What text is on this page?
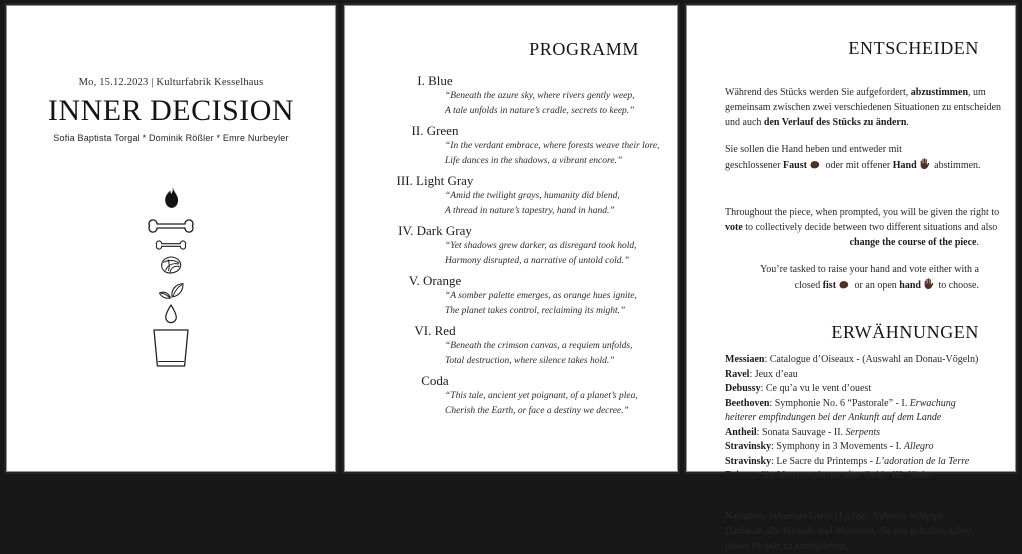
Mo, 15.12.2023 | Kulturfabrik Kesselhaus
INNER DECISION
Sofia Baptista Torgal * Dominik Rößler * Emre Nurbeyler
PROGRAMM
I. Blue
“Beneath the azure sky, where rivers gently weep,
A tale unfolds in nature’s cradle, secrets to keep.”
II. Green
“In the verdant embrace, where forests weave their lore,
Life dances in the shadows, a vibrant encore.”
III. Light Gray
“Amid the twilight grays, humanity did blend,
A thread in nature’s tapestry, hand in hand.”
IV. Dark Gray
“Yet shadows grew darker, as disregard took hold,
Harmony disrupted, a narrative of untold cold.”
V. Orange
“A somber palette emerges, as orange hues ignite,
The planet takes control, reclaiming its might.”
VI. Red
“Beneath the crimson canvas, a requiem unfolds,
Total destruction, where silence takes hold.”
Coda
“This tale, ancient yet poignant, of a planet’s plea,
Cherish the Earth, or face a destiny we decree.”
ENTSCHEIDEN

Während des Stücks werden Sie aufgefordert, abzustimmen, um
gemeinsam zwischen zwei verschiedenen Situationen zu entscheiden
und auch den Verlauf des Stücks zu ändern.

Sie sollen die Hand heben und entweder mit
geschlossener Faust oder mit offener Hand abstimmen.

Throughout the piece, when prompted, you will be given the right to
vote to collectively decide between two different situations and also
change the course of the piece.

You’re tasked to raise your hand and vote either with a
closed fist or an open hand to choose.

ERWÄHNUNGEN
Messiaen: Catalogue d’Oiseaux - (Auswahl an Donau-Vögeln)
Ravel: Jeux d’eau
Debussy: Ce qu’a vu le vent d’ouest
Beethoven: Symphonie No. 6 “Pastorale” - I. Erwachung heiterer empfindungen bei der Ankunft auf dem Lande
Antheil: Sonata Sauvage - II. Serpents
Stravinsky: Symphony in 3 Movements - I. Allegro
Stravinsky: Le Sacre du Printemps - L’adoration de la Terre
Britten: Six Metamorphoses after Ovid - III. Niobe
Narration: Sebastian Gwilt | Lichter: Valentin Schimpf
Danke an alle Freunde und Mentoren, die uns geholfen haben, dieses Projekt zu ermöglichen.
